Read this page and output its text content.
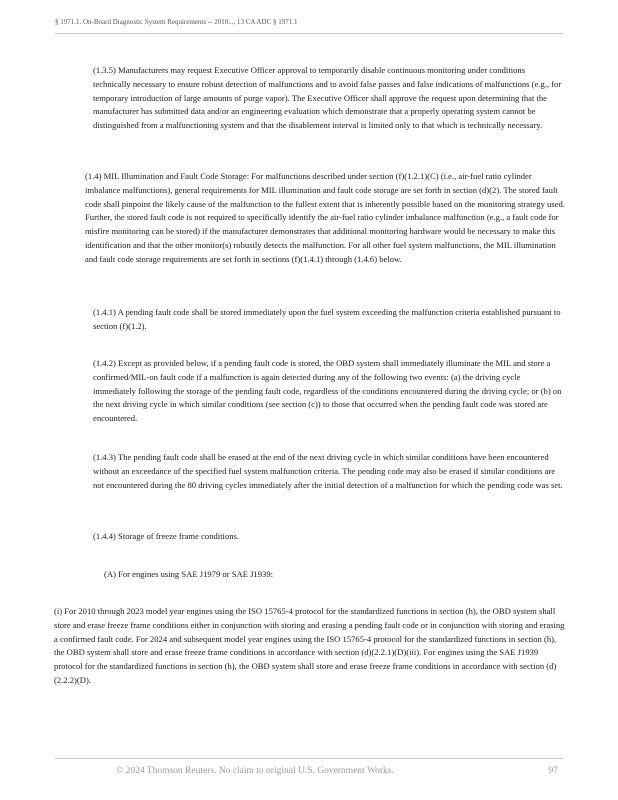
§ 1971.1. On-Board Diagnostic System Requirements -- 2010..., 13 CA ADC § 1971.1

(1.3.5) Manufacturers may request Executive Officer approval to temporarily disable continuous monitoring under conditions technically necessary to ensure robust detection of malfunctions and to avoid false passes and false indications of malfunctions (e.g., for temporary introduction of large amounts of purge vapor). The Executive Officer shall approve the request upon determining that the manufacturer has submitted data and/or an engineering evaluation which demonstrate that a properly operating system cannot be distinguished from a malfunctioning system and that the disablement interval is limited only to that which is technically necessary.

(1.4) MIL Illumination and Fault Code Storage: For malfunctions described under section (f)(1.2.1)(C) (i.e., air-fuel ratio cylinder imbalance malfunctions), general requirements for MIL illumination and fault code storage are set forth in section (d)(2). The stored fault code shall pinpoint the likely cause of the malfunction to the fullest extent that is inherently possible based on the monitoring strategy used. Further, the stored fault code is not required to specifically identify the air-fuel ratio cylinder imbalance malfunction (e.g., a fault code for misfire monitoring can be stored) if the manufacturer demonstrates that additional monitoring hardware would be necessary to make this identification and that the other monitor(s) robustly detects the malfunction. For all other fuel system malfunctions, the MIL illumination and fault code storage requirements are set forth in sections (f)(1.4.1) through (1.4.6) below.

(1.4.1) A pending fault code shall be stored immediately upon the fuel system exceeding the malfunction criteria established pursuant to section (f)(1.2).

(1.4.2) Except as provided below, if a pending fault code is stored, the OBD system shall immediately illuminate the MIL and store a confirmed/MIL-on fault code if a malfunction is again detected during any of the following two events: (a) the driving cycle immediately following the storage of the pending fault code, regardless of the conditions encountered during the driving cycle; or (b) on the next driving cycle in which similar conditions (see section (c)) to those that occurred when the pending fault code was stored are encountered.

(1.4.3) The pending fault code shall be erased at the end of the next driving cycle in which similar conditions have been encountered without an exceedance of the specified fuel system malfunction criteria. The pending code may also be erased if similar conditions are not encountered during the 80 driving cycles immediately after the initial detection of a malfunction for which the pending code was set.

(1.4.4) Storage of freeze frame conditions.

(A) For engines using SAE J1979 or SAE J1939:

(i) For 2010 through 2023 model year engines using the ISO 15765-4 protocol for the standardized functions in section (h), the OBD system shall store and erase freeze frame conditions either in conjunction with storing and erasing a pending fault code or in conjunction with storing and erasing a confirmed fault code. For 2024 and subsequent model year engines using the ISO 15765-4 protocol for the standardized functions in section (h), the OBD system shall store and erase freeze frame conditions in accordance with section (d)(2.2.1)(D)(iii). For engines using the SAE J1939 protocol for the standardized functions in section (h), the OBD system shall store and erase freeze frame conditions in accordance with section (d)(2.2.2)(D).

© 2024 Thomson Reuters. No claim to original U.S. Government Works.	97
